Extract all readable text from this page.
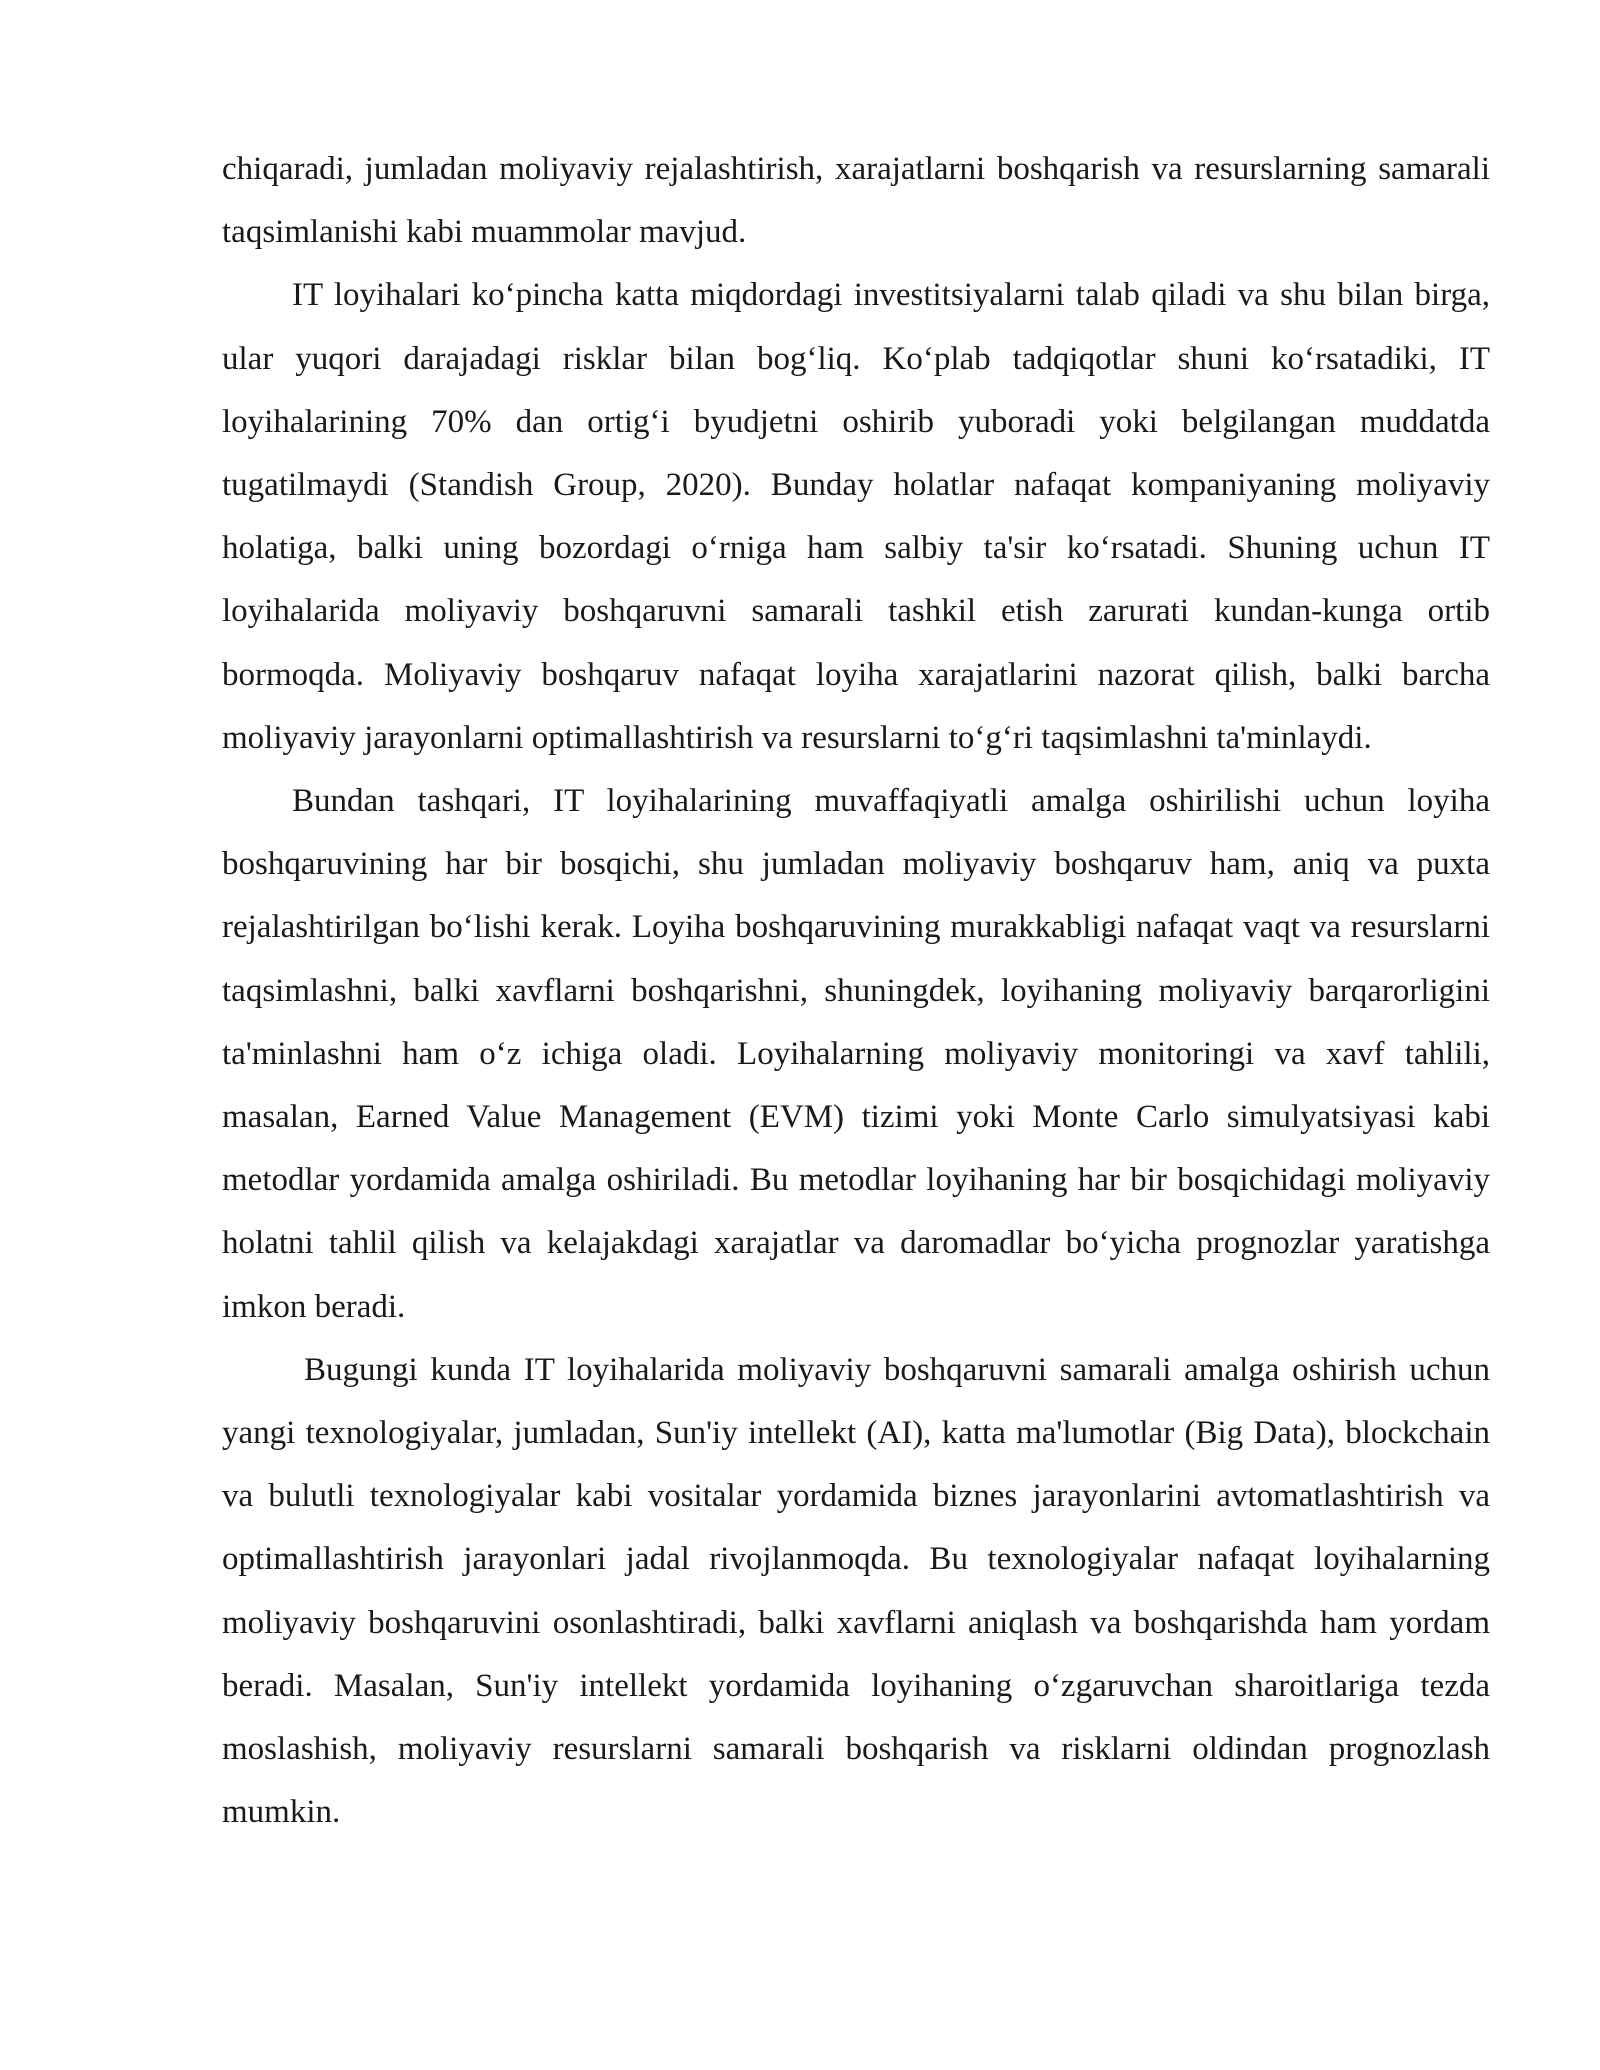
chiqaradi, jumladan moliyaviy rejalashtirish, xarajatlarni boshqarish va resurslarning samarali taqsimlanishi kabi muammolar mavjud.

IT loyihalari ko‘pincha katta miqdordagi investitsiyalarni talab qiladi va shu bilan birga, ular yuqori darajadagi risklar bilan bog‘liq. Ko‘plab tadqiqotlar shuni ko‘rsatadiki, IT loyihalarining 70% dan ortig‘i byudjetni oshirib yuboradi yoki belgilangan muddatda tugatilmaydi (Standish Group, 2020). Bunday holatlar nafaqat kompaniyaning moliyaviy holatiga, balki uning bozordagi o‘rniga ham salbiy ta'sir ko‘rsatadi. Shuning uchun IT loyihalarida moliyaviy boshqaruvni samarali tashkil etish zarurati kundan-kunga ortib bormoqda. Moliyaviy boshqaruv nafaqat loyiha xarajatlarini nazorat qilish, balki barcha moliyaviy jarayonlarni optimallashtirish va resurslarni to‘g‘ri taqsimlashni ta'minlaydi.

Bundan tashqari, IT loyihalarining muvaffaqiyatli amalga oshirilishi uchun loyiha boshqaruvining har bir bosqichi, shu jumladan moliyaviy boshqaruv ham, aniq va puxta rejalashtirilgan bo‘lishi kerak. Loyiha boshqaruvining murakkabligi nafaqat vaqt va resurslarni taqsimlashni, balki xavflarni boshqarishni, shuningdek, loyihaning moliyaviy barqarorligini ta'minlashni ham o‘z ichiga oladi. Loyihalarning moliyaviy monitoringi va xavf tahlili, masalan, Earned Value Management (EVM) tizimi yoki Monte Carlo simulyatsiyasi kabi metodlar yordamida amalga oshiriladi. Bu metodlar loyihaning har bir bosqichidagi moliyaviy holatni tahlil qilish va kelajakdagi xarajatlar va daromadlar bo‘yicha prognozlar yaratishga imkon beradi.

Bugungi kunda IT loyihalarida moliyaviy boshqaruvni samarali amalga oshirish uchun yangi texnologiyalar, jumladan, Sun'iy intellekt (AI), katta ma'lumotlar (Big Data), blockchain va bulutli texnologiyalar kabi vositalar yordamida biznes jarayonlarini avtomatlashtirish va optimallashtirish jarayonlari jadal rivojlanmoqda. Bu texnologiyalar nafaqat loyihalarning moliyaviy boshqaruvini osonlashtiradi, balki xavflarni aniqlash va boshqarishda ham yordam beradi. Masalan, Sun'iy intellekt yordamida loyihaning o‘zgaruvchan sharoitlariga tezda moslashish, moliyaviy resurslarni samarali boshqarish va risklarni oldindan prognozlash mumkin.
